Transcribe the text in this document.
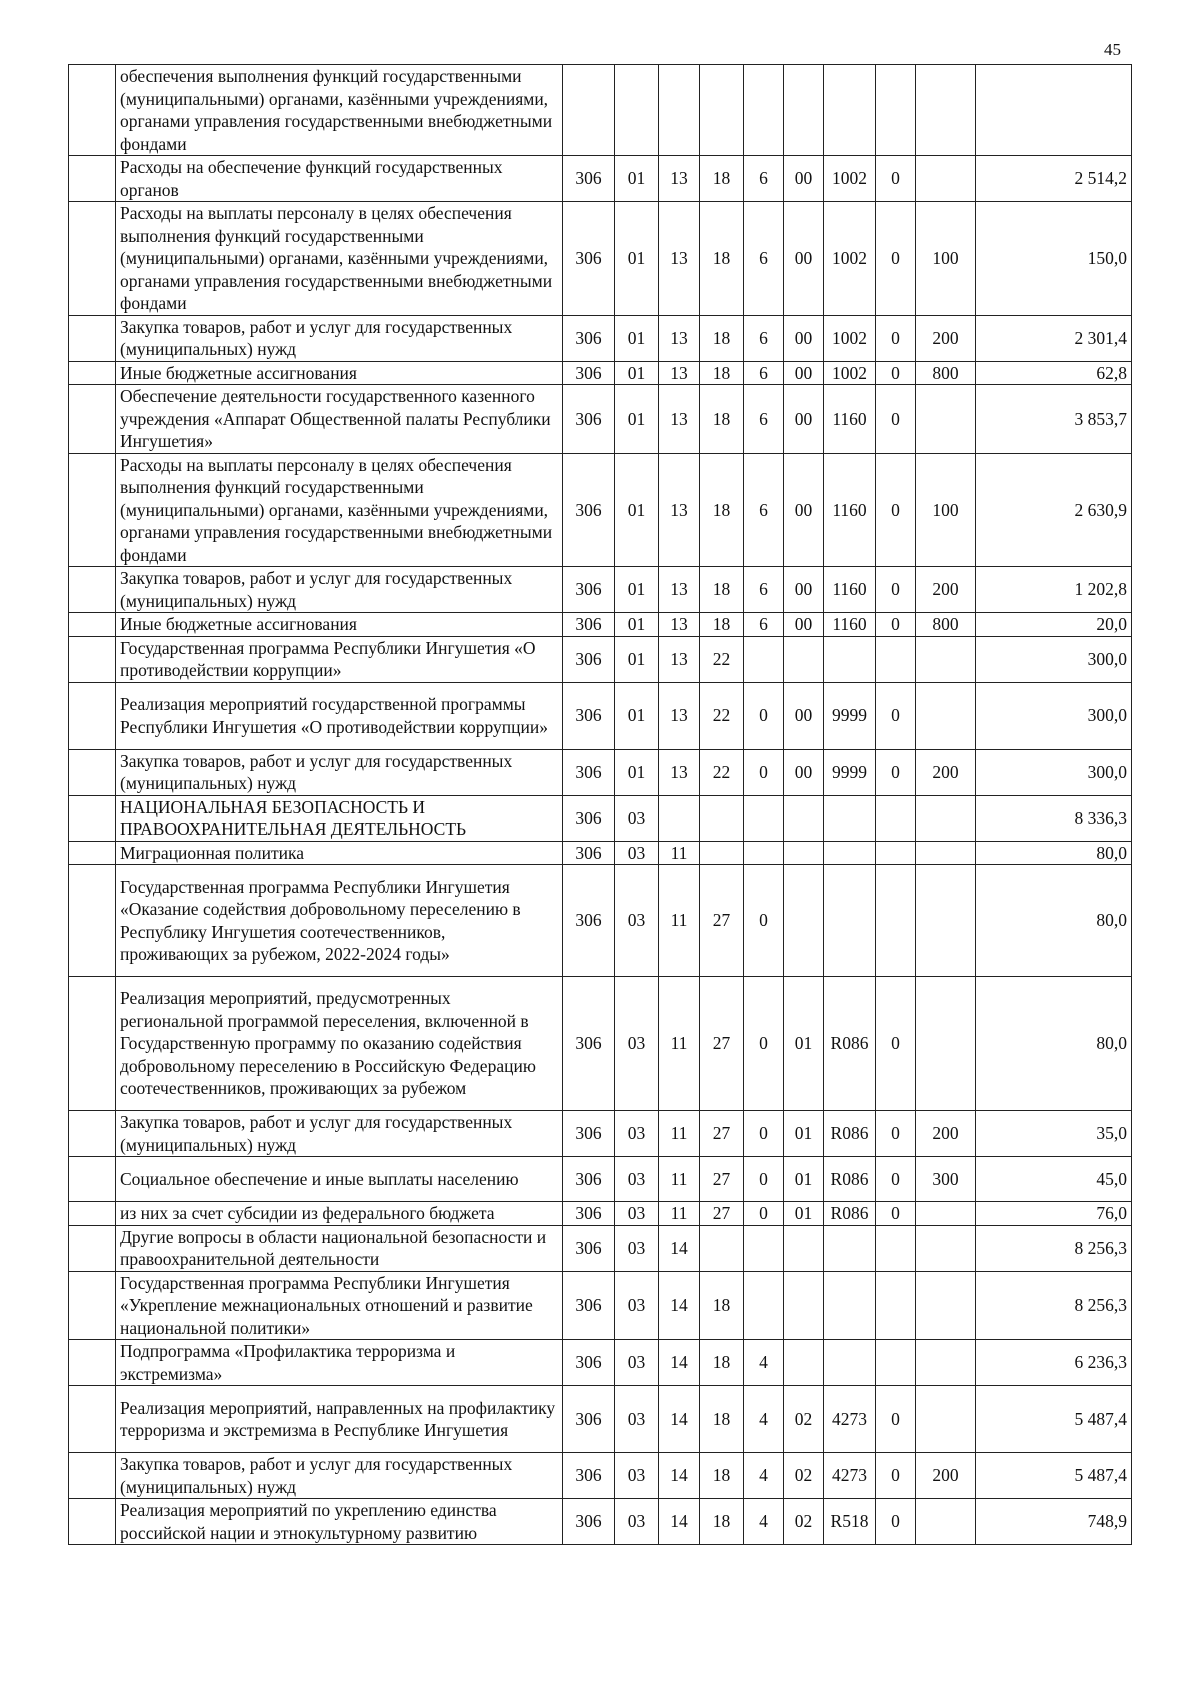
45
	обеспечения выполнения функций государственными (муниципальными) органами, казёнными учреждениями, органами управления государственными внебюджетными фондами										
	Расходы на обеспечение функций государственных органов	306	01	13	18	6	00	1002	0		2 514,2
	Расходы на выплаты персоналу в целях обеспечения выполнения функций государственными (муниципальными) органами, казёнными учреждениями, органами управления государственными внебюджетными фондами	306	01	13	18	6	00	1002	0	100	150,0
	Закупка товаров, работ и услуг для государственных (муниципальных) нужд	306	01	13	18	6	00	1002	0	200	2 301,4
	Иные бюджетные ассигнования	306	01	13	18	6	00	1002	0	800	62,8
	Обеспечение деятельности государственного казенного учреждения «Аппарат Общественной палаты Республики Ингушетия»	306	01	13	18	6	00	1160	0		3 853,7
	Расходы на выплаты персоналу в целях обеспечения выполнения функций государственными (муниципальными) органами, казёнными учреждениями, органами управления государственными внебюджетными фондами	306	01	13	18	6	00	1160	0	100	2 630,9
	Закупка товаров, работ и услуг для государственных (муниципальных) нужд	306	01	13	18	6	00	1160	0	200	1 202,8
	Иные бюджетные ассигнования	306	01	13	18	6	00	1160	0	800	20,0
	Государственная программа Республики Ингушетия «О противодействии коррупции»	306	01	13	22						300,0
	Реализация мероприятий государственной программы Республики Ингушетия «О противодействии коррупции»	306	01	13	22	0	00	9999	0		300,0
	Закупка товаров, работ и услуг для государственных (муниципальных) нужд	306	01	13	22	0	00	9999	0	200	300,0
	НАЦИОНАЛЬНАЯ БЕЗОПАСНОСТЬ И ПРАВООХРАНИТЕЛЬНАЯ ДЕЯТЕЛЬНОСТЬ	306	03								8 336,3
	Миграционная политика	306	03	11							80,0
	Государственная программа Республики Ингушетия «Оказание содействия добровольному переселению в Республику Ингушетия соотечественников, проживающих за рубежом, 2022-2024 годы»	306	03	11	27	0					80,0
	Реализация мероприятий, предусмотренных региональной программой переселения, включенной в Государственную программу по оказанию содействия добровольному переселению в Российскую Федерацию соотечественников, проживающих за рубежом	306	03	11	27	0	01	R086	0		80,0
	Закупка товаров, работ и услуг для государственных (муниципальных) нужд	306	03	11	27	0	01	R086	0	200	35,0
	Социальное обеспечение и иные выплаты населению	306	03	11	27	0	01	R086	0	300	45,0
	из них за счет субсидии из федерального бюджета	306	03	11	27	0	01	R086	0		76,0
	Другие вопросы в области национальной безопасности и правоохранительной деятельности	306	03	14							8 256,3
	Государственная программа Республики Ингушетия «Укрепление межнациональных отношений и развитие национальной политики»	306	03	14	18						8 256,3
	Подпрограмма «Профилактика терроризма и экстремизма»	306	03	14	18	4					6 236,3
	Реализация мероприятий, направленных на профилактику терроризма и экстремизма в Республике Ингушетия	306	03	14	18	4	02	4273	0		5 487,4
	Закупка товаров, работ и услуг для государственных (муниципальных) нужд	306	03	14	18	4	02	4273	0	200	5 487,4
	Реализация мероприятий по укреплению единства российской нации и этнокультурному развитию	306	03	14	18	4	02	R518	0		748,9
